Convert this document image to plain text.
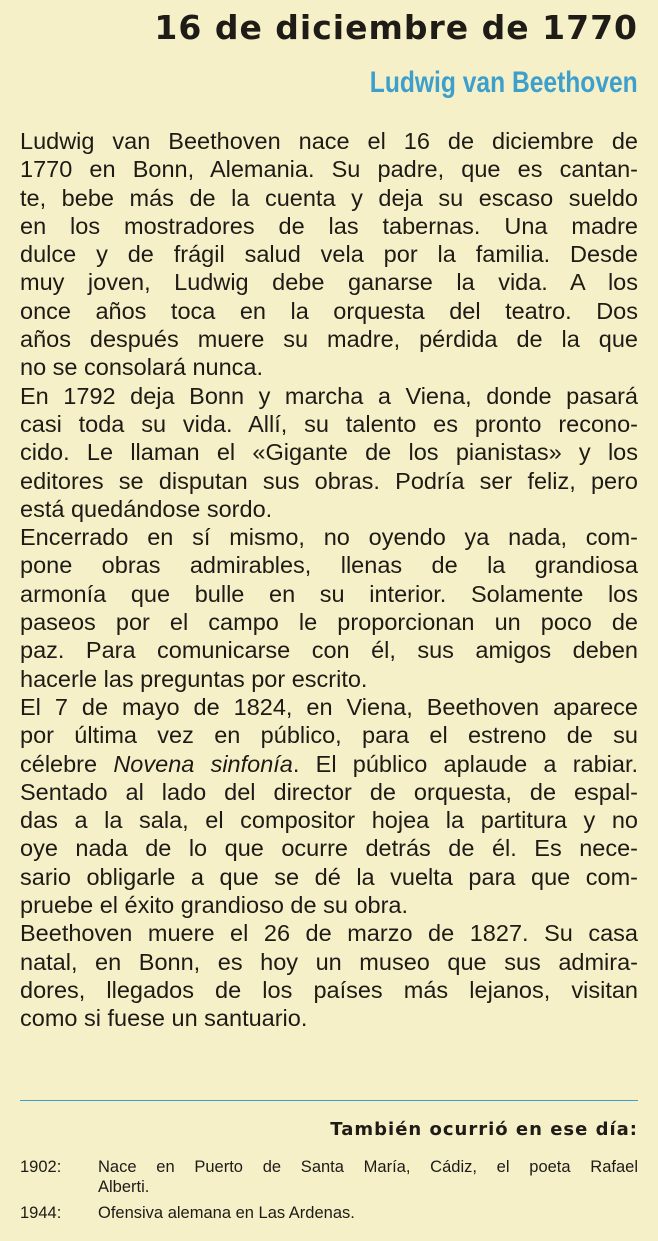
16 de diciembre de 1770
Ludwig van Beethoven
Ludwig van Beethoven nace el 16 de diciembre de
1770 en Bonn, Alemania. Su padre, que es cantan-
te, bebe más de la cuenta y deja su escaso sueldo
en los mostradores de las tabernas. Una madre
dulce y de frágil salud vela por la familia. Desde
muy joven, Ludwig debe ganarse la vida. A los
once años toca en la orquesta del teatro. Dos
años después muere su madre, pérdida de la que
no se consolará nunca.
En 1792 deja Bonn y marcha a Viena, donde pasará
casi toda su vida. Allí, su talento es pronto recono-
cido. Le llaman el «Gigante de los pianistas» y los
editores se disputan sus obras. Podría ser feliz, pero
está quedándose sordo.
Encerrado en sí mismo, no oyendo ya nada, com-
pone obras admirables, llenas de la grandiosa
armonía que bulle en su interior. Solamente los
paseos por el campo le proporcionan un poco de
paz. Para comunicarse con él, sus amigos deben
hacerle las preguntas por escrito.
El 7 de mayo de 1824, en Viena, Beethoven aparece
por última vez en público, para el estreno de su
célebre Novena sinfonía. El público aplaude a rabiar.
Sentado al lado del director de orquesta, de espal-
das a la sala, el compositor hojea la partitura y no
oye nada de lo que ocurre detrás de él. Es nece-
sario obligarle a que se dé la vuelta para que com-
pruebe el éxito grandioso de su obra.
Beethoven muere el 26 de marzo de 1827. Su casa
natal, en Bonn, es hoy un museo que sus admira-
dores, llegados de los países más lejanos, visitan
como si fuese un santuario.
También ocurrió en ese día:
1902:	Nace en Puerto de Santa María, Cádiz, el poeta Rafael
Alberti.
1944:	Ofensiva alemana en Las Ardenas.
